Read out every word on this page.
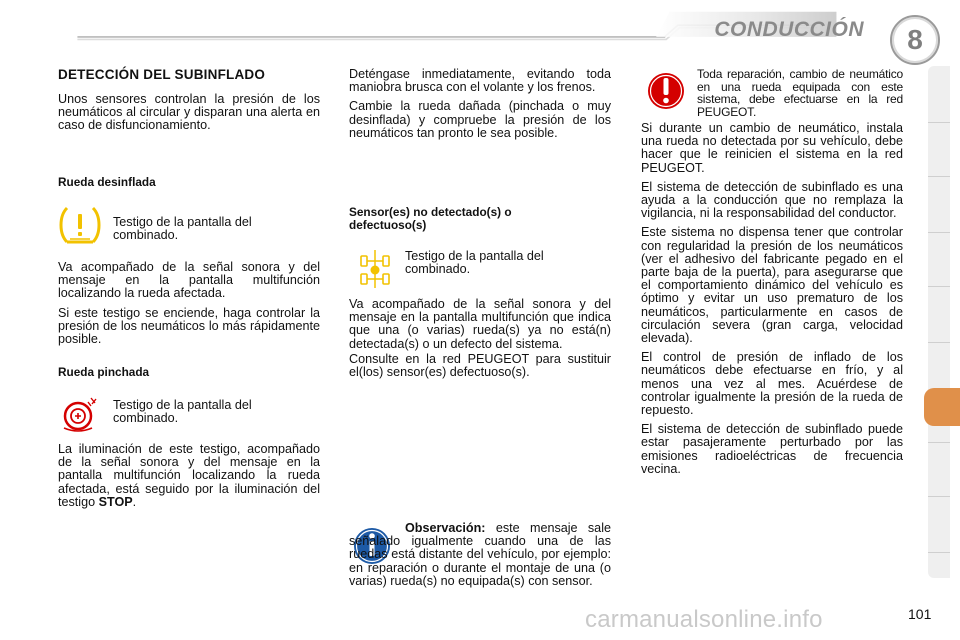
CONDUCCIÓN	8
DETECCIÓN DEL SUBINFLADO

Unos sensores controlan la presión de los neumáticos al circular y disparan una alerta en caso de disfuncionamiento.

Rueda desinflada
Testigo de la pantalla del combinado.

Va acompañado de la señal sonora y del mensaje en la pantalla multifunción localizando la rueda afectada.

Si este testigo se enciende, haga controlar la presión de los neumáticos lo más rápidamente posible.

Rueda pinchada
Testigo de la pantalla del combinado.

La iluminación de este testigo, acompañado de la señal sonora y del mensaje en la pantalla multifunción localizando la rueda afectada, está seguido por la iluminación del testigo STOP.

Deténgase inmediatamente, evitando toda maniobra brusca con el volante y los frenos.

Cambie la rueda dañada (pinchada o muy desinflada) y compruebe la presión de los neumáticos tan pronto le sea posible.

Sensor(es) no detectado(s) o defectuoso(s)
Testigo de la pantalla del combinado.

Va acompañado de la señal sonora y del mensaje en la pantalla multifunción que indica que una (o varias) rueda(s) ya no está(n) detectada(s) o un defecto del sistema.

Consulte en la red PEUGEOT para sustituir el(los) sensor(es) defectuoso(s).

Observación: este mensaje sale señalado igualmente cuando una de las ruedas está distante del vehículo, por ejemplo: en reparación o durante el montaje de una (o varias) rueda(s) no equipada(s) con sensor.

Toda reparación, cambio de neumático en una rueda equipada con este sistema, debe efectuarse en la red PEUGEOT.

Si durante un cambio de neumático, instala una rueda no detectada por su vehículo, debe hacer que le reinicien el sistema en la red PEUGEOT.

El sistema de detección de subinflado es una ayuda a la conducción que no remplaza la vigilancia, ni la responsabilidad del conductor.

Este sistema no dispensa tener que controlar con regularidad la presión de los neumáticos (ver el adhesivo del fabricante pegado en el parte baja de la puerta), para asegurarse que el comportamiento dinámico del vehículo es óptimo y evitar un uso prematuro de los neumáticos, particularmente en casos de circulación severa (gran carga, velocidad elevada).

El control de presión de inflado de los neumáticos debe efectuarse en frío, y al menos una vez al mes. Acuérdese de controlar igualmente la presión de la rueda de repuesto.

El sistema de detección de subinflado puede estar pasajeramente perturbado por las emisiones radioeléctricas de frecuencia vecina.

carmanualsonline.info	101
